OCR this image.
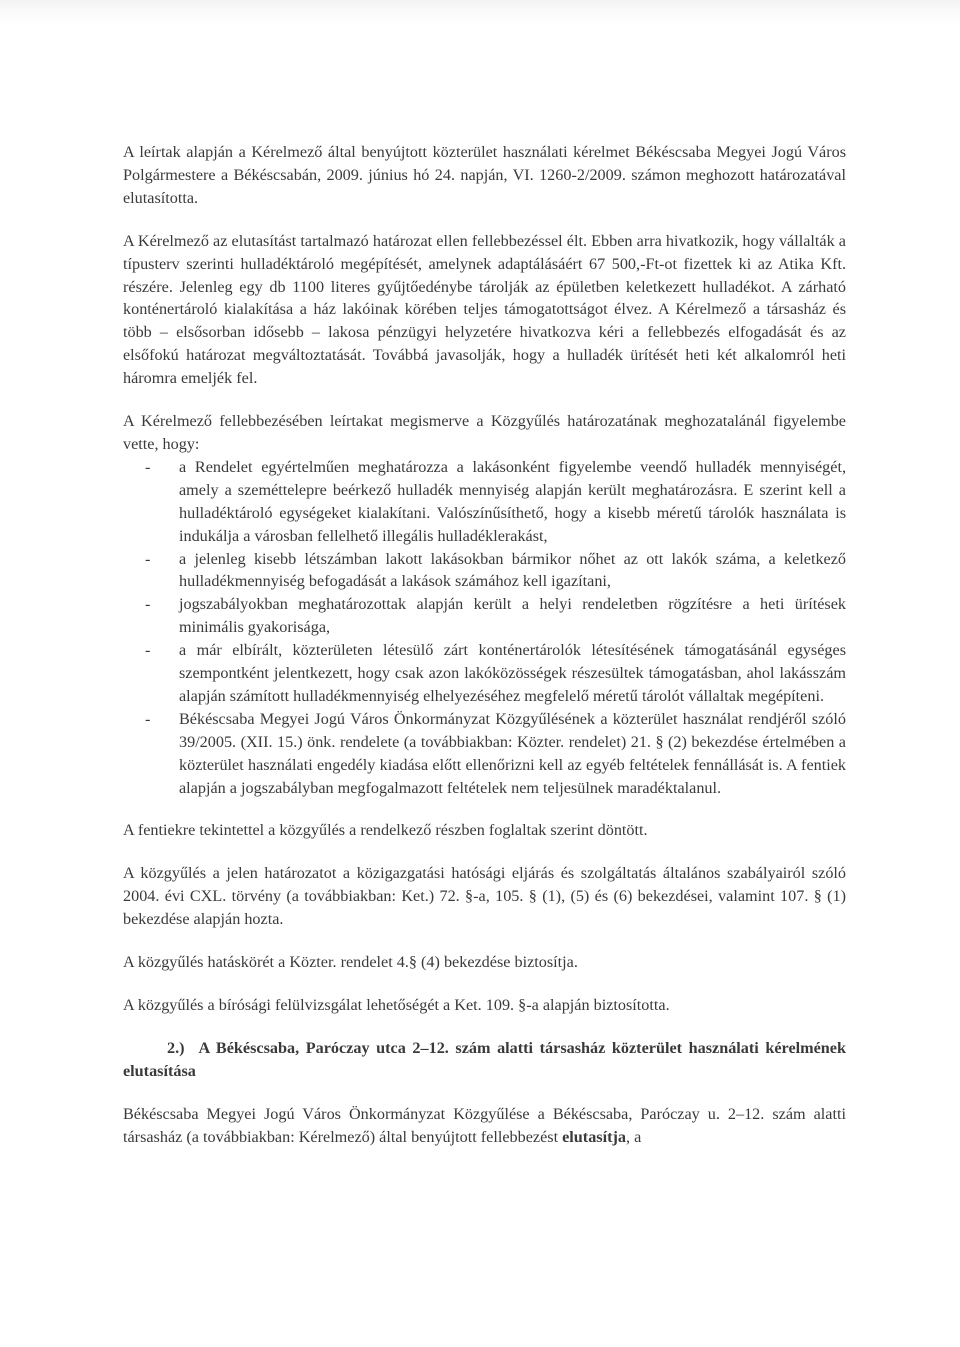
A leírtak alapján a Kérelmező által benyújtott közterület használati kérelmet Békéscsaba Megyei Jogú Város Polgármestere a Békéscsabán, 2009. június hó 24. napján, VI. 1260-2/2009. számon meghozott határozatával elutasította.

A Kérelmező az elutasítást tartalmazó határozat ellen fellebbezéssel élt. Ebben arra hivatkozik, hogy vállalták a típusterv szerinti hulladéktároló megépítését, amelynek adaptálásáért 67 500,-Ft-ot fizettek ki az Atika Kft. részére. Jelenleg egy db 1100 literes gyűjtőedénybe tárolják az épületben keletkezett hulladékot. A zárható konténertároló kialakítása a ház lakóinak körében teljes támogatottságot élvez. A Kérelmező a társasház és több – elsősorban idősebb – lakosa pénzügyi helyzetére hivatkozva kéri a fellebbezés elfogadását és az elsőfokú határozat megváltoztatását. Továbbá javasolják, hogy a hulladék ürítését heti két alkalomról heti háromra emeljék fel.

A Kérelmező fellebbezésében leírtakat megismerve a Közgyűlés határozatának meghozatalánál figyelembe vette, hogy:

- a Rendelet egyértelműen meghatározza a lakásonként figyelembe veendő hulladék mennyiségét, amely a szeméttelepre beérkező hulladék mennyiség alapján került meghatározásra. E szerint kell a hulladéktároló egységeket kialakítani. Valószínűsíthető, hogy a kisebb méretű tárolók használata is indukálja a városban fellelhető illegális hulladéklerakást,
- a jelenleg kisebb létszámban lakott lakásokban bármikor nőhet az ott lakók száma, a keletkező hulladékmennyiség befogadását a lakások számához kell igazítani,
- jogszabályokban meghatározottak alapján került a helyi rendeletben rögzítésre a heti ürítések minimális gyakorisága,
- a már elbírált, közterületen létesülő zárt konténertárolók létesítésének támogatásánál egységes szempontként jelentkezett, hogy csak azon lakóközösségek részesültek támogatásban, ahol lakásszám alapján számított hulladékmennyiség elhelyezéséhez megfelelő méretű tárolót vállaltak megépíteni.
- Békéscsaba Megyei Jogú Város Önkormányzat Közgyűlésének a közterület használat rendjéről szóló 39/2005. (XII. 15.) önk. rendelete (a továbbiakban: Közter. rendelet) 21. § (2) bekezdése értelmében a közterület használati engedély kiadása előtt ellenőrizni kell az egyéb feltételek fennállását is. A fentiek alapján a jogszabályban megfogalmazott feltételek nem teljesülnek maradéktalanul.

A fentiekre tekintettel a közgyűlés a rendelkező részben foglaltak szerint döntött.

A közgyűlés a jelen határozatot a közigazgatási hatósági eljárás és szolgáltatás általános szabályairól szóló 2004. évi CXL. törvény (a továbbiakban: Ket.) 72. §-a, 105. § (1), (5) és (6) bekezdései, valamint 107. § (1) bekezdése alapján hozta.

A közgyűlés hatáskörét a Közter. rendelet 4.§ (4) bekezdése biztosítja.

A közgyűlés a bírósági felülvizsgálat lehetőségét a Ket. 109. §-a alapján biztosította.

2.) A Békéscsaba, Paróczay utca 2–12. szám alatti társasház közterület használati kérelmének elutasítása

Békéscsaba Megyei Jogú Város Önkormányzat Közgyűlése a Békéscsaba, Paróczay u. 2–12. szám alatti társasház (a továbbiakban: Kérelmező) által benyújtott fellebbezést elutasítja, a
